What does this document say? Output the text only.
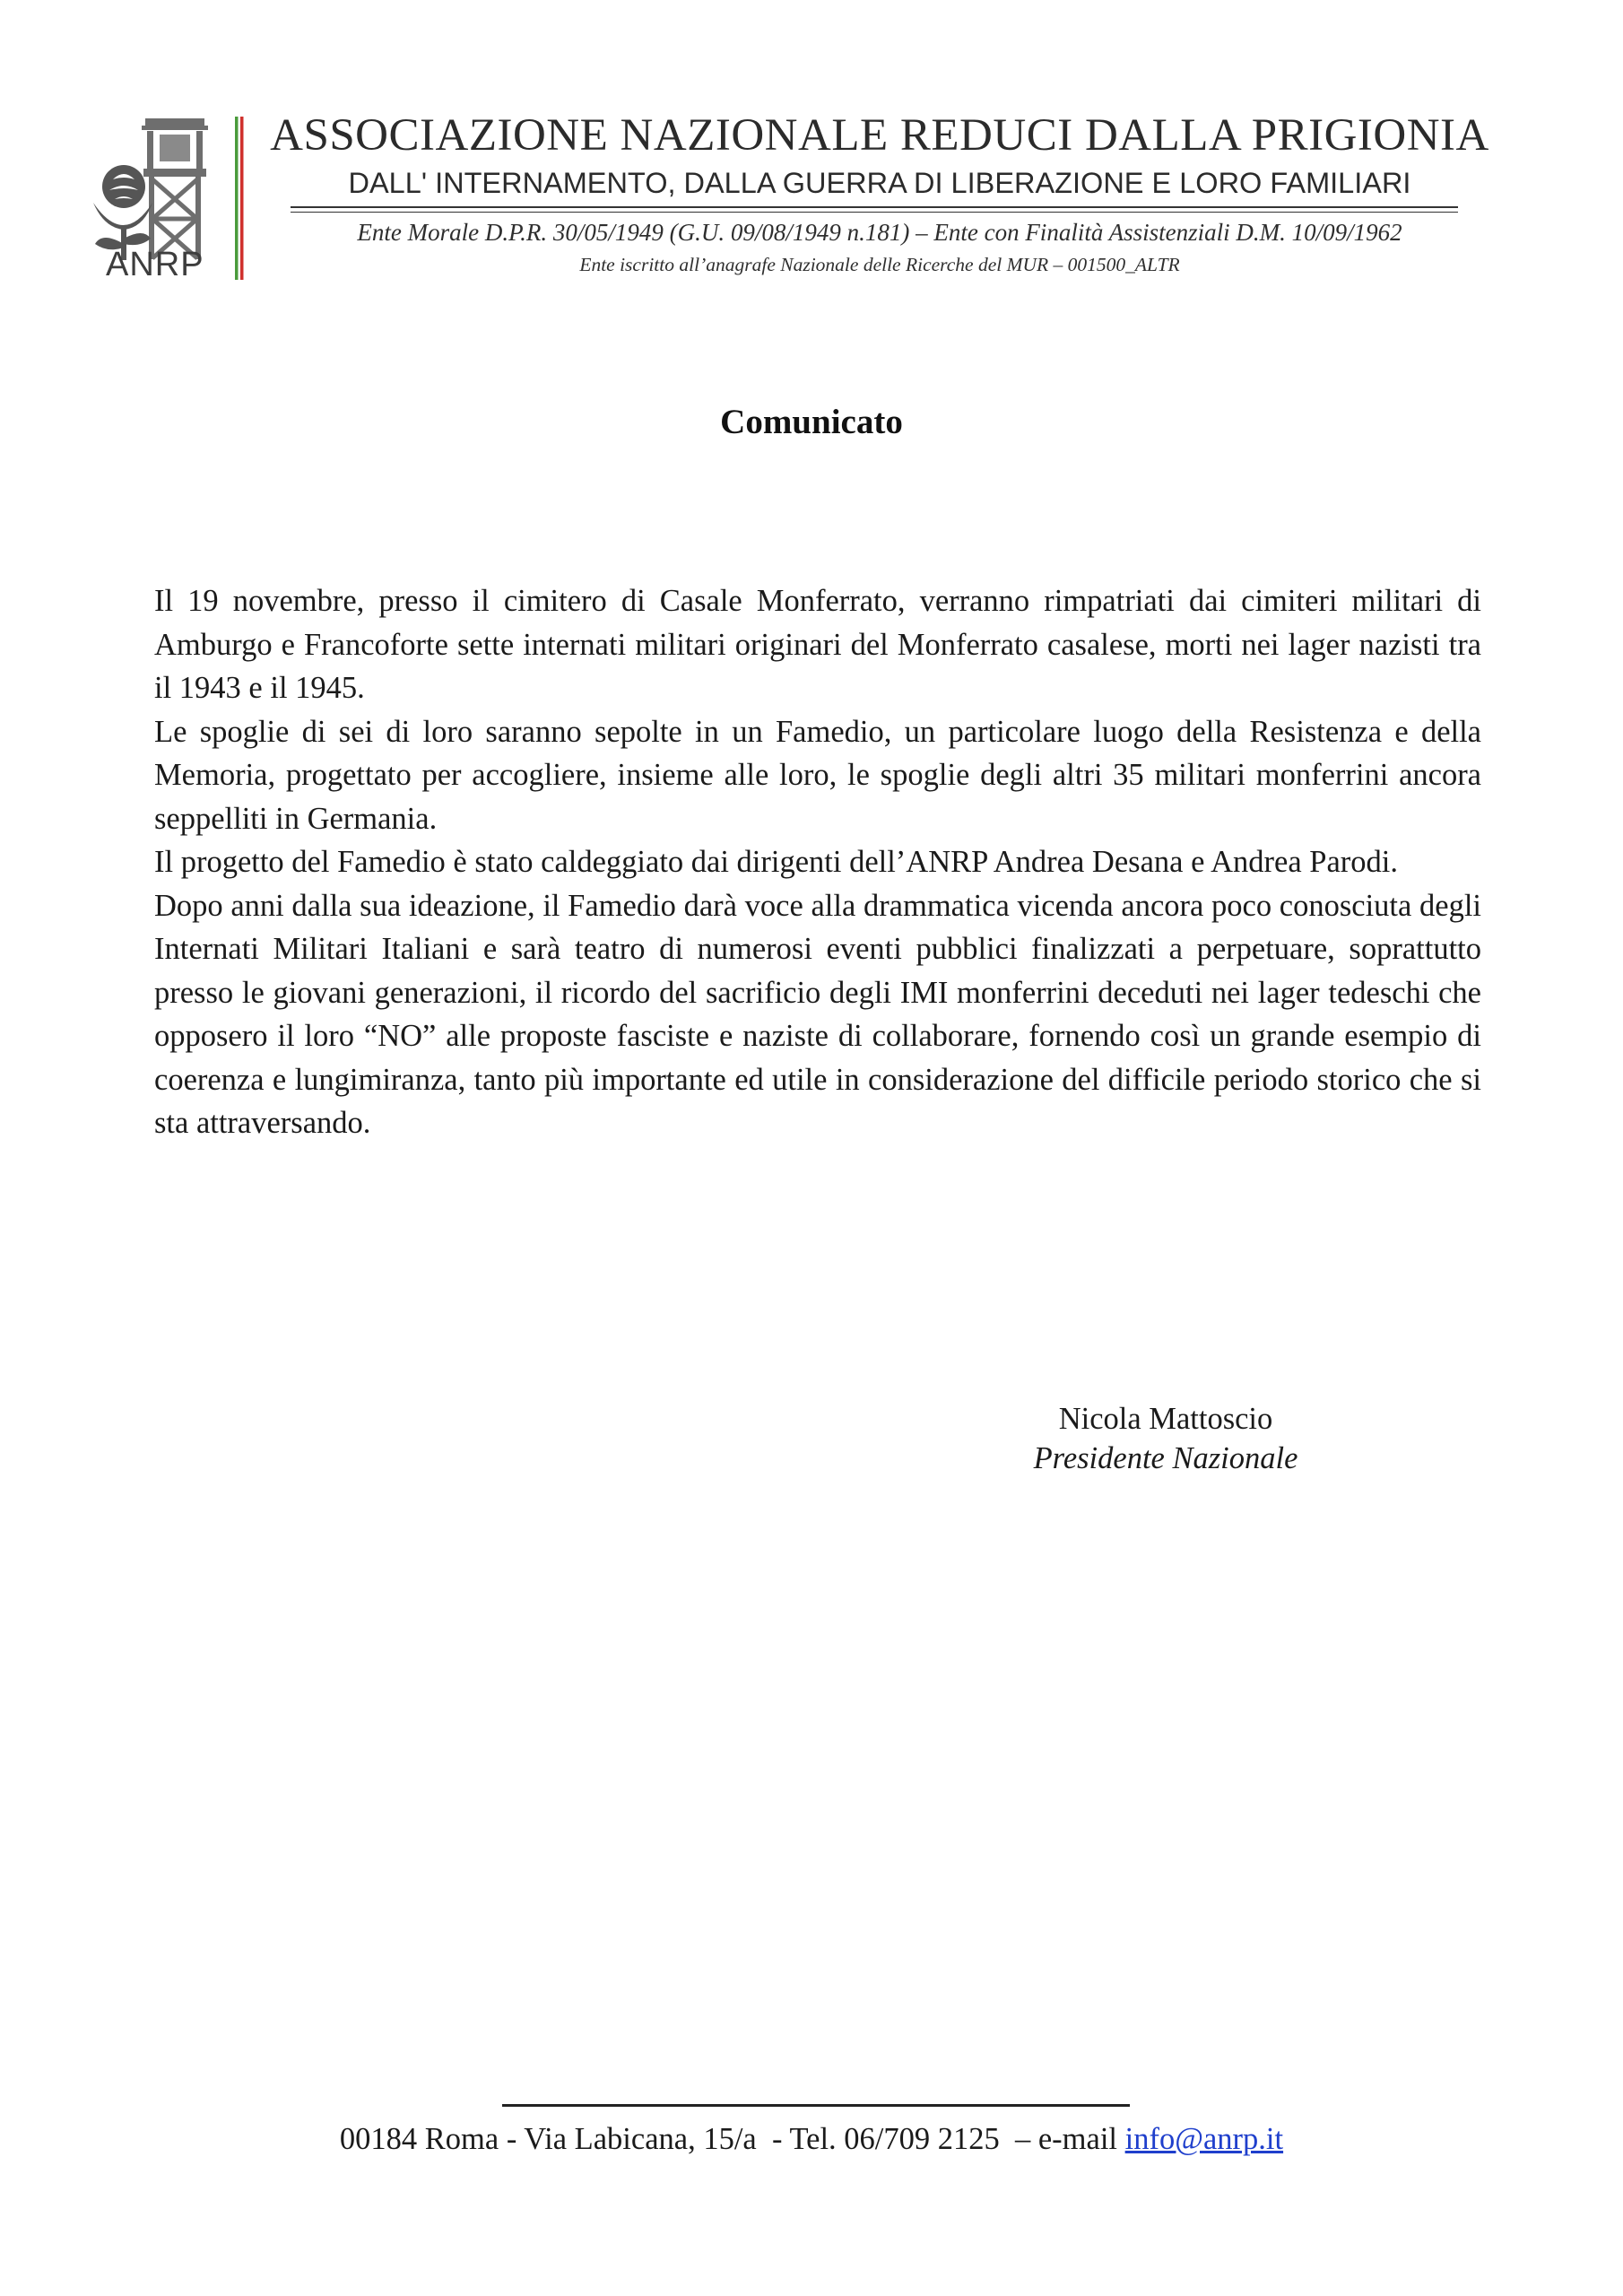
ANRP
ASSOCIAZIONE NAZIONALE REDUCI DALLA PRIGIONIA
DALL' INTERNAMENTO, DALLA GUERRA DI LIBERAZIONE E LORO FAMILIARI
Ente Morale D.P.R. 30/05/1949 (G.U. 09/08/1949 n.181) – Ente con Finalità Assistenziali D.M. 10/09/1962
Ente iscritto all’anagrafe Nazionale delle Ricerche del MUR – 001500_ALTR
Comunicato

Il 19 novembre, presso il cimitero di Casale Monferrato, verranno rimpatriati dai cimiteri militari di Amburgo e Francoforte sette internati militari originari del Monferrato casalese, morti nei lager nazisti tra il 1943 e il 1945.

Le spoglie di sei di loro saranno sepolte in un Famedio, un particolare luogo della Resistenza e della Memoria, progettato per accogliere, insieme alle loro, le spoglie degli altri 35 militari monferrini ancora seppelliti in Germania.

Il progetto del Famedio è stato caldeggiato dai dirigenti dell’ANRP Andrea Desana e Andrea Parodi.

Dopo anni dalla sua ideazione, il Famedio darà voce alla drammatica vicenda ancora poco conosciuta degli Internati Militari Italiani e sarà teatro di numerosi eventi pubblici finalizzati a perpetuare, soprattutto presso le giovani generazioni, il ricordo del sacrificio degli IMI monferrini deceduti nei lager tedeschi che opposero il loro “NO” alle proposte fasciste e naziste di collaborare, fornendo così un grande esempio di coerenza e lungimiranza, tanto più importante ed utile in considerazione del difficile periodo storico che si sta attraversando.

Nicola Mattoscio
Presidente Nazionale
00184 Roma - Via Labicana, 15/a  - Tel. 06/709 2125  – e-mail info@anrp.it
